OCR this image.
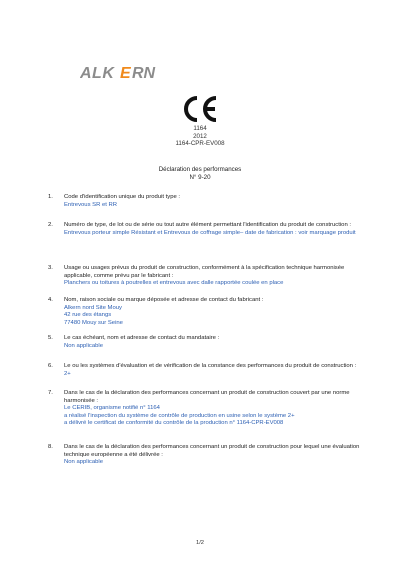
ALK E RN
1164
2012
1164-CPR-EV008
Déclaration des performances
N° 9-20
1. Code d'identification unique du produit type :
Entrevous SR et RR
2. Numéro de type, de lot ou de série ou tout autre élément permettant l'identification du produit de construction :
Entrevous porteur simple Résistant et Entrevous de coffrage simple– date de fabrication : voir marquage produit
3. Usage ou usages prévus du produit de construction, conformément à la spécification technique harmonisée applicable, comme prévu par le fabricant :
Planchers ou toitures à poutrelles et entrevous avec dalle rapportée coulée en place
4. Nom, raison sociale ou marque déposée et adresse de contact du fabricant :
Alkern nord Site Mouy
42 rue des étangs
77480 Mouy sur Seine
5. Le cas échéant, nom et adresse de contact du mandataire :
Non applicable
6. Le ou les systèmes d'évaluation et de vérification de la constance des performances du produit de construction :
2+
7. Dans le cas de la déclaration des performances concernant un produit de construction couvert par une norme harmonisée :
Le CERIB, organisme notifié n° 1164
a réalisé l'inspection du système de contrôle de production en usine selon le système 2+
a délivré le certificat de conformité du contrôle de la production n° 1164-CPR-EV008
8. Dans le cas de la déclaration des performances concernant un produit de construction pour lequel une évaluation technique européenne a été délivrée :
Non applicable
1/2
